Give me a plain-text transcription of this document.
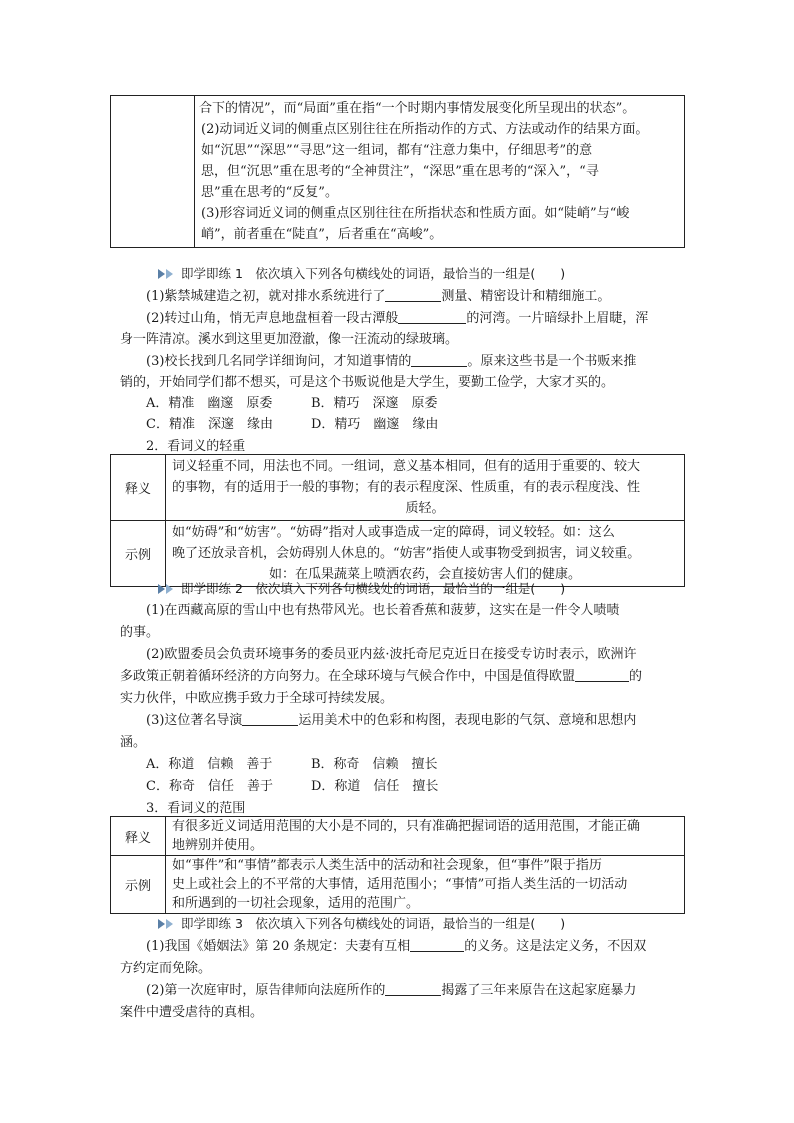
合下的情况”，而“局面”重在指“一个时期内事情发展变化所呈现出的状态”。
(2)动词近义词的侧重点区别往往在所指动作的方式、方法或动作的结果方面。
如“沉思”“深思”“寻思”这一组词，都有“注意力集中，仔细思考”的意
思，但“沉思”重在思考的“全神贯注”，“深思”重在思考的“深入”，“寻
思”重在思考的“反复”。
(3)形容词近义词的侧重点区别往往在所指状态和性质方面。如“陡峭”与“峻
峭”，前者重在“陡直”，后者重在“高峻”。
即学即练 1　依次填入下列各句横线处的词语，最恰当的一组是(　　)
(1)紫禁城建造之初，就对排水系统进行了	测量、精密设计和精细施工。
(2)转过山角，悄无声息地盘桓着一段古潭般	的河湾。一片暗绿扑上眉睫，浑
身一阵清凉。溪水到这里更加澄澈，像一汪流动的绿玻璃。
(3)校长找到几名同学详细询问，才知道事情的	。原来这些书是一个书贩来推
销的，开始同学们都不想买，可是这个书贩说他是大学生，要勤工俭学，大家才买的。
A．精准　幽邃　原委	B．精巧　深邃　原委
C．精准　深邃　缘由	D．精巧　幽邃　缘由
2．看词义的轻重
释义	词义轻重不同，用法也不同。一组词，意义基本相同，但有的适用于重要的、较大
的事物，有的适用于一般的事物；有的表示程度深、性质重，有的表示程度浅、性
质轻。

示例	如“妨碍”和“妨害”。“妨碍”指对人或事造成一定的障碍，词义较轻。如：这么
晚了还放录音机，会妨碍别人休息的。“妨害”指使人或事物受到损害，词义较重。
如：在瓜果蔬菜上喷洒农药，会直接妨害人们的健康。
即学即练 2　依次填入下列各句横线处的词语，最恰当的一组是(　　)
(1)在西藏高原的雪山中也有热带风光。也长着香蕉和菠萝，这实在是一件令人啧啧
的事。
(2)欧盟委员会负责环境事务的委员亚内兹·波托奇尼克近日在接受专访时表示，欧洲许
多政策正朝着循环经济的方向努力。在全球环境与气候合作中，中国是值得欧盟	的
实力伙伴，中欧应携手致力于全球可持续发展。
(3)这位著名导演	运用美术中的色彩和构图，表现电影的气氛、意境和思想内
涵。
A．称道　信赖　善于	B．称奇　信赖　擅长
C．称奇　信任　善于	D．称道　信任　擅长
3．看词义的范围
释义	有很多近义词适用范围的大小是不同的，只有准确把握词语的适用范围，才能正确
地辨别并使用。

示例	如“事件”和“事情”都表示人类生活中的活动和社会现象，但“事件”限于指历
史上或社会上的不平常的大事情，适用范围小；“事情”可指人类生活的一切活动
和所遇到的一切社会现象，适用的范围广。
即学即练 3　依次填入下列各句横线处的词语，最恰当的一组是(　　)
(1)我国《婚姻法》第 20 条规定：夫妻有互相	的义务。这是法定义务，不因双
方约定而免除。
(2)第一次庭审时，原告律师向法庭所作的	揭露了三年来原告在这起家庭暴力
案件中遭受虐待的真相。
